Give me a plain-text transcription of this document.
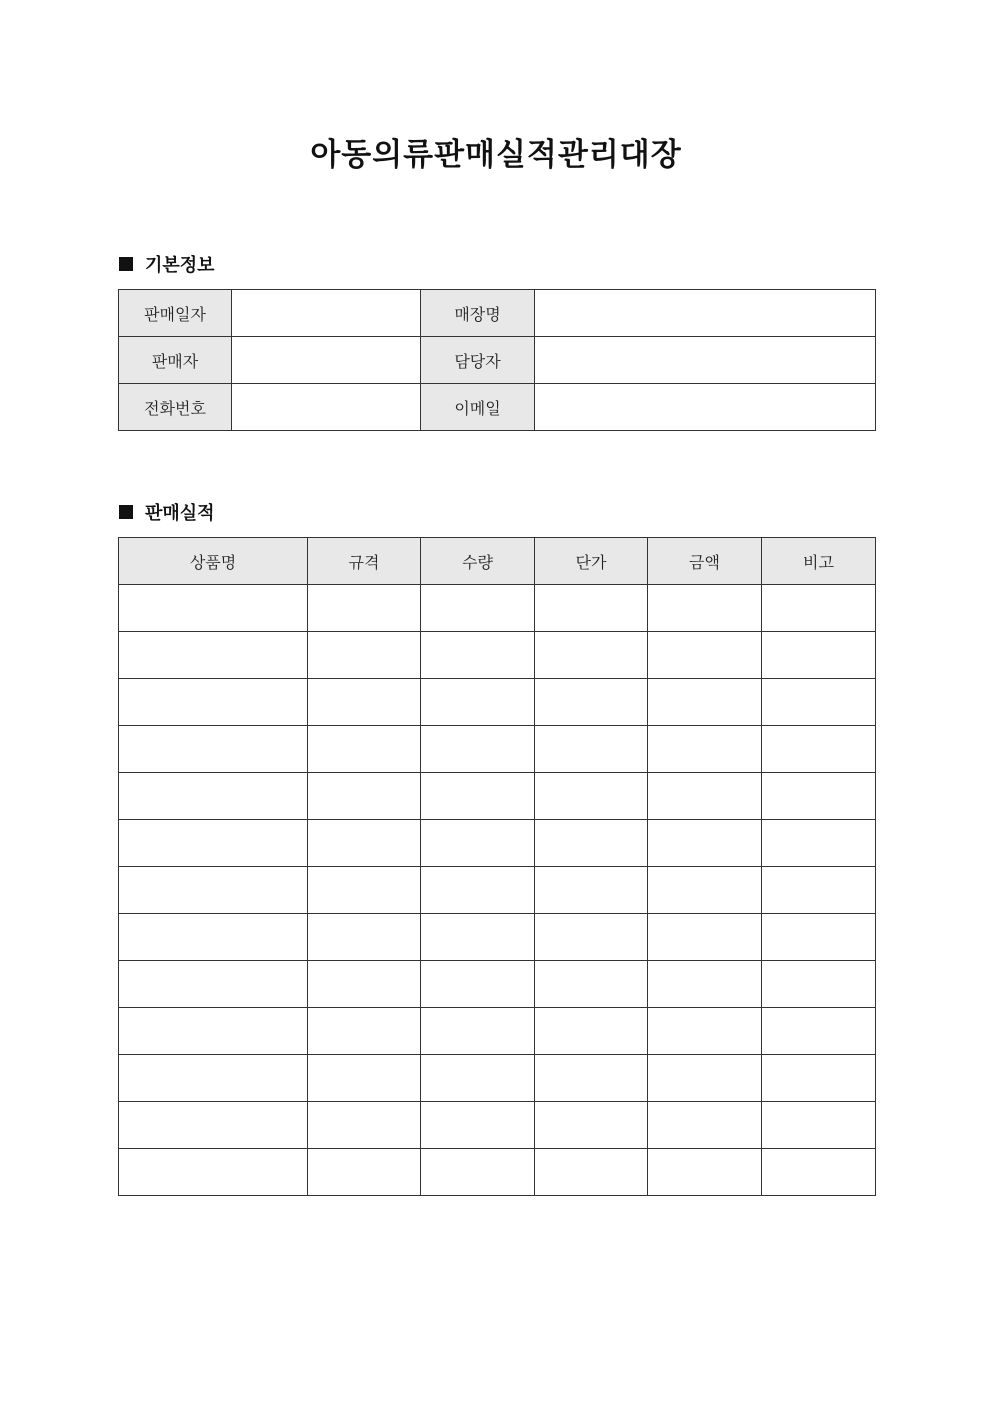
아동의류판매실적관리대장
기본정보
판매일자		매장명	
판매자		담당자	
전화번호		이메일	
판매실적
상품명	규격	수량	단가	금액	비고
